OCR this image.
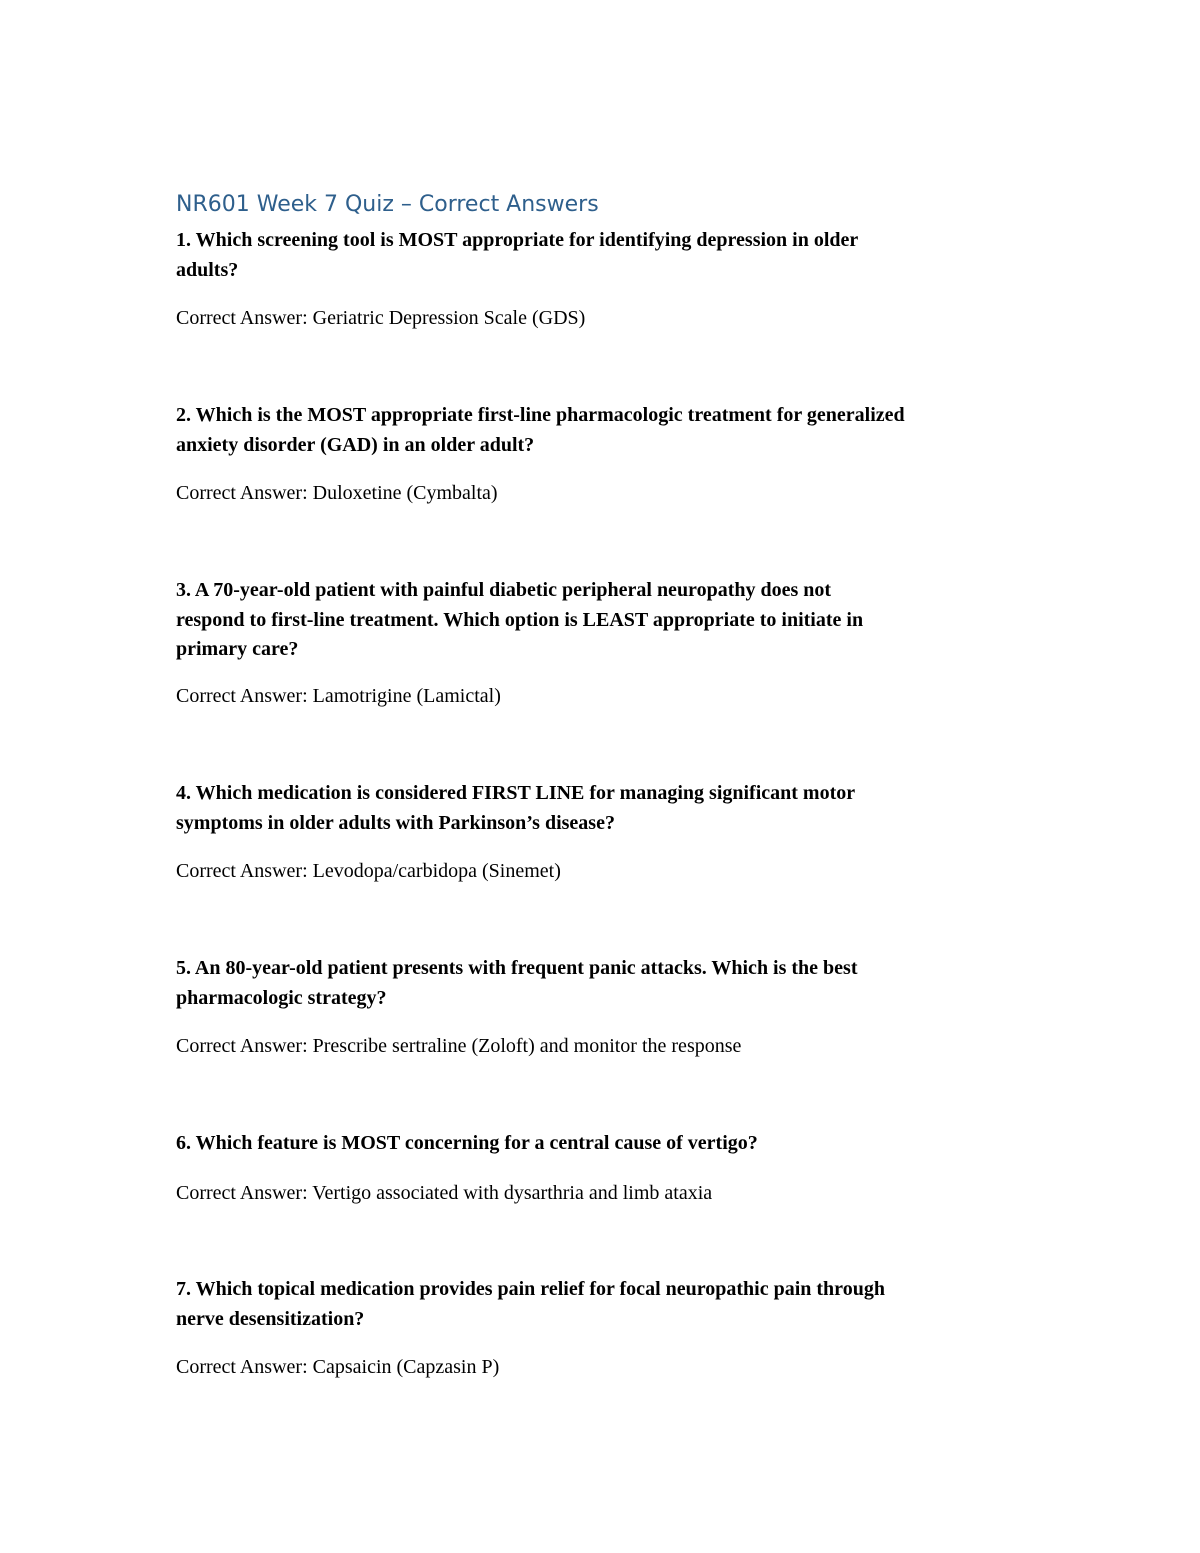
NR601 Week 7 Quiz – Correct Answers

1. Which screening tool is MOST appropriate for identifying depression in older
adults?

Correct Answer: Geriatric Depression Scale (GDS)

2. Which is the MOST appropriate first-line pharmacologic treatment for generalized
anxiety disorder (GAD) in an older adult?

Correct Answer: Duloxetine (Cymbalta)

3. A 70-year-old patient with painful diabetic peripheral neuropathy does not
respond to first-line treatment. Which option is LEAST appropriate to initiate in
primary care?

Correct Answer: Lamotrigine (Lamictal)

4. Which medication is considered FIRST LINE for managing significant motor
symptoms in older adults with Parkinson’s disease?

Correct Answer: Levodopa/carbidopa (Sinemet)

5. An 80-year-old patient presents with frequent panic attacks. Which is the best
pharmacologic strategy?

Correct Answer: Prescribe sertraline (Zoloft) and monitor the response

6. Which feature is MOST concerning for a central cause of vertigo?

Correct Answer: Vertigo associated with dysarthria and limb ataxia

7. Which topical medication provides pain relief for focal neuropathic pain through
nerve desensitization?

Correct Answer: Capsaicin (Capzasin P)
